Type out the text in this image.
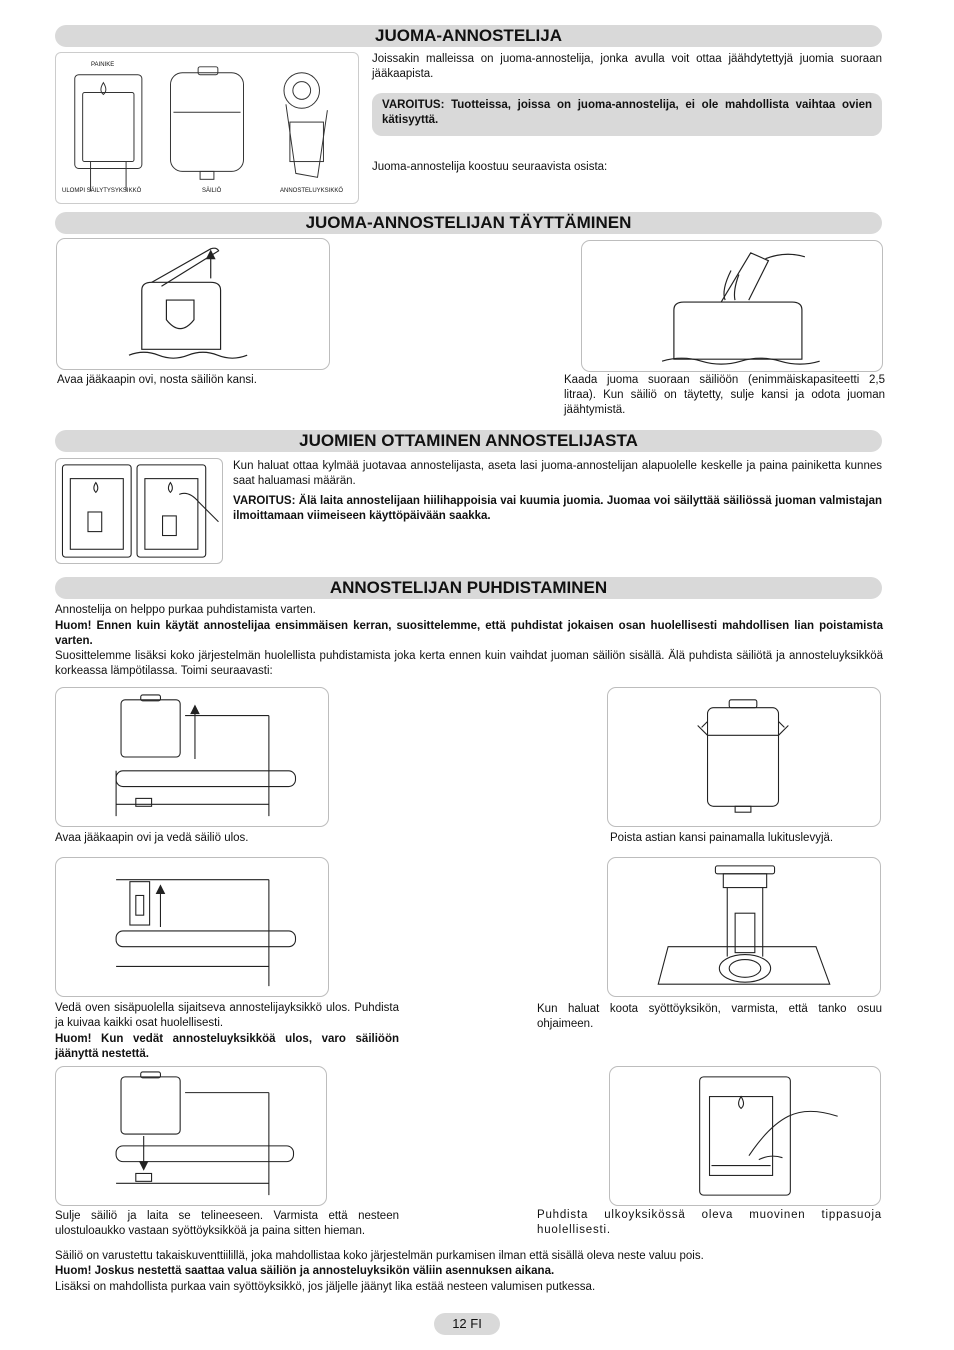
JUOMA-ANNOSTELIJA
PAINIKE
ULOMPI SÄILYTYSYKSIKKÖ	SÄILIÖ	ANNOSTELUYKSIKKÖ
Joissakin malleissa on juoma-annostelija, jonka avulla voit ottaa jäähdytettyjä juomia suoraan jääkaapista.
VAROITUS: Tuotteissa, joissa on juoma-annostelija, ei ole mahdollista vaihtaa ovien kätisyyttä.
Juoma-annostelija koostuu seuraavista osista:
JUOMA-ANNOSTELIJAN TÄYTTÄMINEN
Avaa jääkaapin ovi, nosta säiliön kansi.	Kaada juoma suoraan säiliöön (enimmäiskapasiteetti 2,5 litraa). Kun säiliö on täytetty, sulje kansi ja odota juoman jäähtymistä.
JUOMIEN OTTAMINEN ANNOSTELIJASTA
Kun haluat ottaa kylmää juotavaa annostelijasta, aseta lasi juoma-annostelijan alapuolelle keskelle ja paina painiketta kunnes saat haluamasi määrän.
VAROITUS: Älä laita annostelijaan hiilihappoisia vai kuumia juomia. Juomaa voi säilyttää säiliössä juoman valmistajan ilmoittamaan viimeiseen käyttöpäivään saakka.
ANNOSTELIJAN PUHDISTAMINEN
Annostelija on helppo purkaa puhdistamista varten.
Huom! Ennen kuin käytät annostelijaa ensimmäisen kerran, suosittelemme, että puhdistat jokaisen osan huolellisesti mahdollisen lian poistamista varten.
Suosittelemme lisäksi koko järjestelmän huolellista puhdistamista joka kerta ennen kuin vaihdat juoman säiliön sisällä. Älä puhdista säiliötä ja annosteluyksikköä korkeassa lämpötilassa. Toimi seuraavasti:
Avaa jääkaapin ovi ja vedä säiliö ulos.	Poista astian kansi painamalla lukituslevyjä.
Vedä oven sisäpuolella sijaitseva annostelijayksikkö ulos. Puhdista ja kuivaa kaikki osat huolellisesti.
Huom! Kun vedät annosteluyksikköä ulos, varo säiliöön jäänyttä nestettä.
Kun haluat koota syöttöyksikön, varmista, että tanko osuu ohjaimeen.
Sulje säiliö ja laita se telineeseen. Varmista että nesteen ulostuloaukko vastaan syöttöyksikköä ja paina sitten hieman.
Puhdista ulkoyksikössä oleva muovinen tippasuoja huolellisesti.
Säiliö on varustettu takaiskuventtiilillä, joka mahdollistaa koko järjestelmän purkamisen ilman että sisällä oleva neste valuu pois.
Huom! Joskus nestettä saattaa valua säiliön ja annosteluyksikön väliin asennuksen aikana.
Lisäksi on mahdollista purkaa vain syöttöyksikkö, jos jäljelle jäänyt lika estää nesteen valumisen putkessa.
12 FI
